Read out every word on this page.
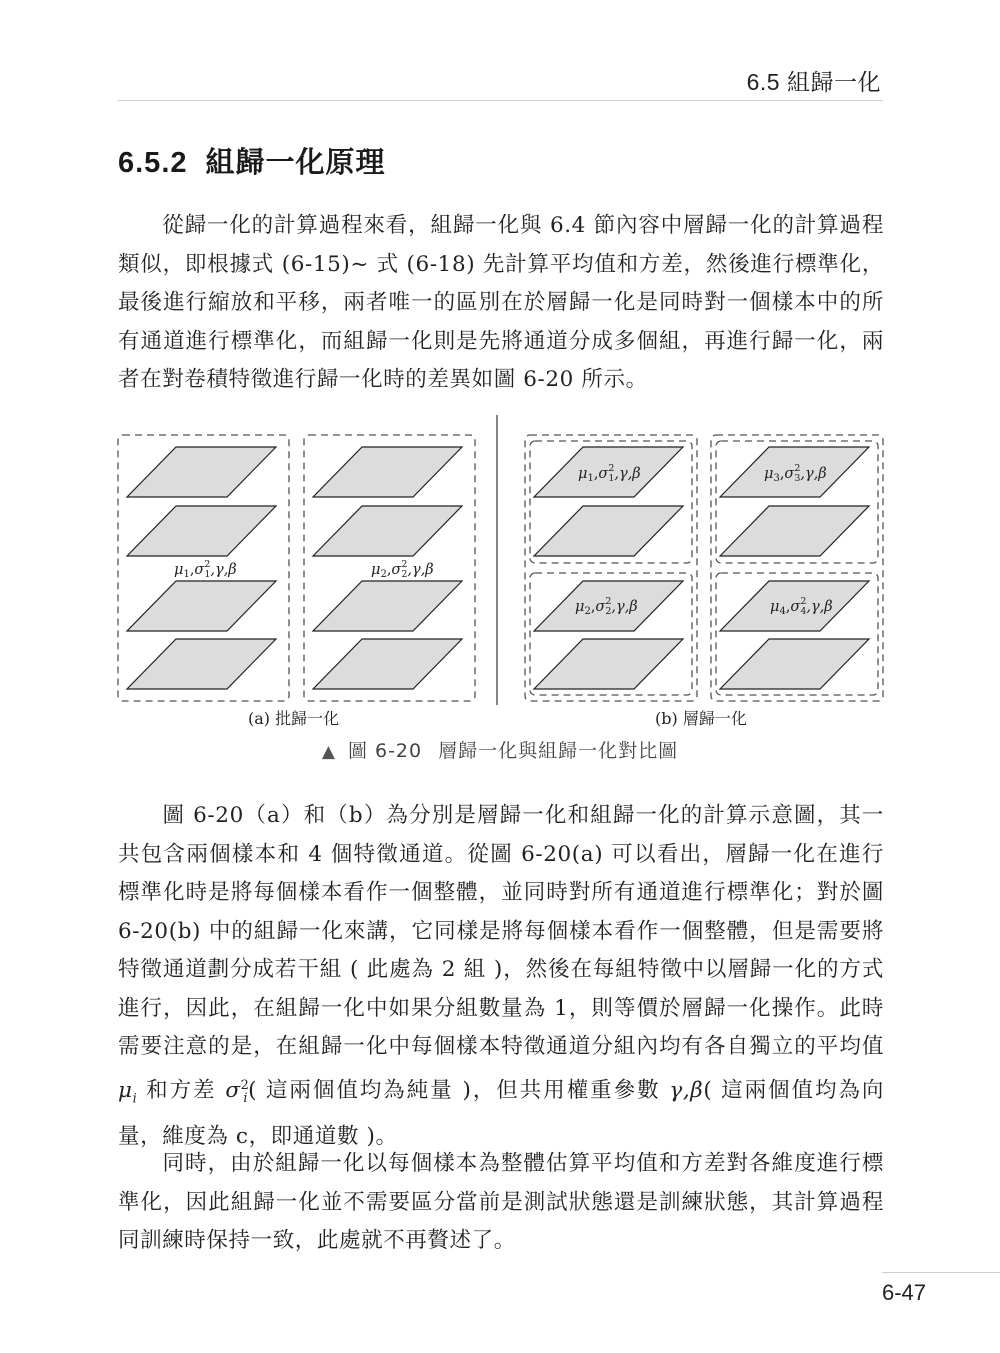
6.5 組歸一化
6.5.2 組歸一化原理
從歸一化的計算過程來看，組歸一化與 6.4 節內容中層歸一化的計算過程類似，即根據式 (6-15)~ 式 (6-18) 先計算平均值和方差，然後進行標準化，最後進行縮放和平移，兩者唯一的區別在於層歸一化是同時對一個樣本中的所有通道進行標準化，而組歸一化則是先將通道分成多個組，再進行歸一化，兩者在對卷積特徵進行歸一化時的差異如圖 6-20 所示。
$\mu_1,\sigma^2$ 1,γ,β	$\mu_2,\sigma^2$ 2,γ,β
$\mu_1,\sigma^2$ 1,γ,β
$\mu_2,\sigma^2$ 2,γ,β
$\mu_3,\sigma^2$ 3,γ,β
$\mu_4,\sigma^2$ 4,γ,β
(a) 批歸一化	(b) 層歸一化
▲ 圖 6-20 層歸一化與組歸一化對比圖
圖 6-20（a）和（b）為分別是層歸一化和組歸一化的計算示意圖，其一共包含兩個樣本和 4 個特徵通道。從圖 6-20(a) 可以看出，層歸一化在進行標準化時是將每個樣本看作一個整體，並同時對所有通道進行標準化；對於圖 6-20(b) 中的組歸一化來講，它同樣是將每個樣本看作一個整體，但是需要將特徵通道劃分成若干組 ( 此處為 2 組 )，然後在每組特徵中以層歸一化的方式進行，因此，在組歸一化中如果分組數量為 1，則等價於層歸一化操作。此時需要注意的是，在組歸一化中每個樣本特徵通道分組內均有各自獨立的平均值 $\mu_i$ 和方差 $\sigma^2_i$( 這兩個值均為純量 )，但共用權重參數 γ,β( 這兩個值均為向量，維度為 c，即通道數 )。
同時，由於組歸一化以每個樣本為整體估算平均值和方差對各維度進行標準化，因此組歸一化並不需要區分當前是測試狀態還是訓練狀態，其計算過程同訓練時保持一致，此處就不再贅述了。
6-47
